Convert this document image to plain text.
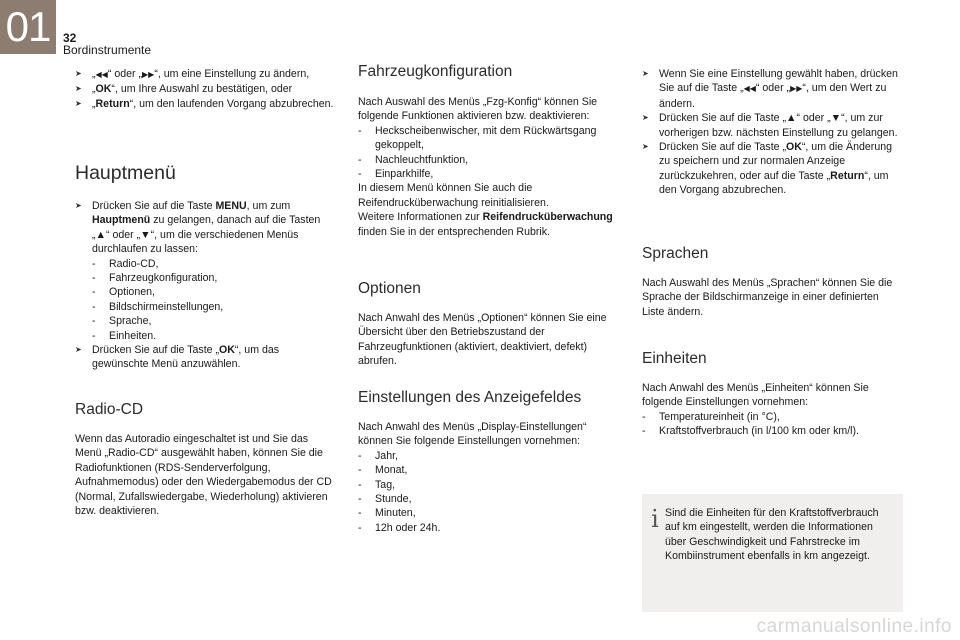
01	32
Bordinstrumente
➤ „◀◀“ oder „▶▶“, um eine Einstellung zu ändern,
➤ „OK“, um Ihre Auswahl zu bestätigen, oder
➤ „Return“, um den laufenden Vorgang abzubrechen.
Hauptmenü
➤ Drücken Sie auf die Taste MENU, um zum Hauptmenü zu gelangen, danach auf die Tasten „▲“ oder „▼“, um die verschiedenen Menüs durchlaufen zu lassen:
- Radio-CD,
- Fahrzeugkonfiguration,
- Optionen,
- Bildschirmeinstellungen,
- Sprache,
- Einheiten.
➤ Drücken Sie auf die Taste „OK“, um das gewünschte Menü anzuwählen.
Radio-CD

Wenn das Autoradio eingeschaltet ist und Sie das Menü „Radio-CD“ ausgewählt haben, können Sie die Radiofunktionen (RDS-Senderverfolgung, Aufnahmemodus) oder den Wiedergabemodus der CD (Normal, Zufallswiedergabe, Wiederholung) aktivieren bzw. deaktivieren.

Fahrzeugkonfiguration

Nach Auswahl des Menüs „Fzg-Konfig“ können Sie folgende Funktionen aktivieren bzw. deaktivieren:

- Heckscheibenwischer, mit dem Rückwärtsgang gekoppelt,
- Nachleuchtfunktion,
- Einparkhilfe,

In diesem Menü können Sie auch die Reifendrucküberwachung reinitialisieren.

Weitere Informationen zur Reifendrucküberwachung finden Sie in der entsprechenden Rubrik.

Optionen

Nach Anwahl des Menüs „Optionen“ können Sie eine Übersicht über den Betriebszustand der Fahrzeugfunktionen (aktiviert, deaktiviert, defekt) abrufen.

Einstellungen des Anzeigefeldes

Nach Anwahl des Menüs „Display-Einstellungen“ können Sie folgende Einstellungen vornehmen:

- Jahr,
- Monat,
- Tag,
- Stunde,
- Minuten,
- 12h oder 24h.
➤ Wenn Sie eine Einstellung gewählt haben, drücken Sie auf die Taste „◀◀“ oder „▶▶“, um den Wert zu ändern.
➤ Drücken Sie auf die Taste „▲“ oder „▼“, um zur vorherigen bzw. nächsten Einstellung zu gelangen.
➤ Drücken Sie auf die Taste „OK“, um die Änderung zu speichern und zur normalen Anzeige zurückzukehren, oder auf die Taste „Return“, um den Vorgang abzubrechen.
Sprachen

Nach Auswahl des Menüs „Sprachen“ können Sie die Sprache der Bildschirmanzeige in einer definierten Liste ändern.

Einheiten

Nach Anwahl des Menüs „Einheiten“ können Sie folgende Einstellungen vornehmen:

- Temperatureinheit (in °C),
- Kraftstoffverbrauch (in l/100 km oder km/l).
i Sind die Einheiten für den Kraftstoffverbrauch auf km eingestellt, werden die Informationen über Geschwindigkeit und Fahrstrecke im Kombiinstrument ebenfalls in km angezeigt.
carmanualsonline.info
